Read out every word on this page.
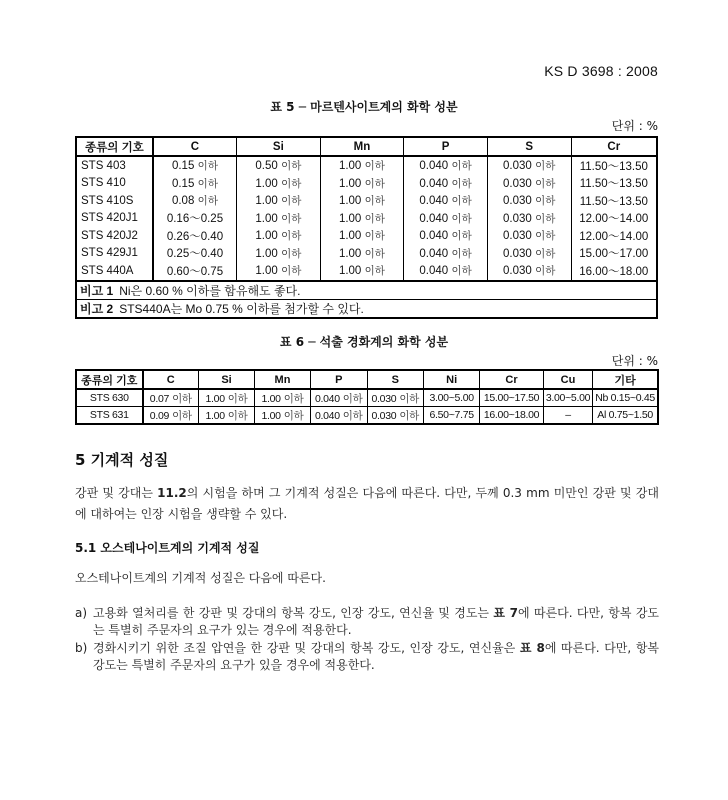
KS D 3698 : 2008
표 5 ─ 마르텐사이트계의 화학 성분
단위 : %
종류의 기호	C	Si	Mn	P	S	Cr
STS 403	0.15 이하	0.50 이하	1.00 이하	0.040 이하	0.030 이하	11.50～13.50
STS 410	0.15 이하	1.00 이하	1.00 이하	0.040 이하	0.030 이하	11.50～13.50
STS 410S	0.08 이하	1.00 이하	1.00 이하	0.040 이하	0.030 이하	11.50～13.50
STS 420J1	0.16～0.25	1.00 이하	1.00 이하	0.040 이하	0.030 이하	12.00～14.00
STS 420J2	0.26～0.40	1.00 이하	1.00 이하	0.040 이하	0.030 이하	12.00～14.00
STS 429J1	0.25～0.40	1.00 이하	1.00 이하	0.040 이하	0.030 이하	15.00～17.00
STS 440A	0.60～0.75	1.00 이하	1.00 이하	0.040 이하	0.030 이하	16.00～18.00
비고 1 Ni은 0.60 % 이하를 함유해도 좋다.						
비고 2 STS440A는 Mo 0.75 % 이하를 첨가할 수 있다.						
표 6 ─ 석출 경화계의 화학 성분
단위 : %
종류의 기호	C	Si	Mn	P	S	Ni	Cr	Cu	기타
STS 630	0.07 이하	1.00 이하	1.00 이하	0.040 이하	0.030 이하	3.00~5.00	15.00~17.50	3.00~5.00	Nb 0.15~0.45
STS 631	0.09 이하	1.00 이하	1.00 이하	0.040 이하	0.030 이하	6.50~7.75	16.00~18.00	–	Al 0.75~1.50
5 기계적 성질
강판 및 강대는 11.2의 시험을 하며 그 기계적 성질은 다음에 따른다. 다만, 두께 0.3 mm 미만인 강판 및 강대에 대하여는 인장 시험을 생략할 수 있다.
5.1 오스테나이트계의 기계적 성질
오스테나이트계의 기계적 성질은 다음에 따른다.
a) 고용화 열처리를 한 강판 및 강대의 항복 강도, 인장 강도, 연신율 및 경도는 표 7에 따른다. 다만, 항복 강도는 특별히 주문자의 요구가 있는 경우에 적용한다.
b) 경화시키기 위한 조질 압연을 한 강판 및 강대의 항복 강도, 인장 강도, 연신율은 표 8에 따른다. 다만, 항복 강도는 특별히 주문자의 요구가 있을 경우에 적용한다.
